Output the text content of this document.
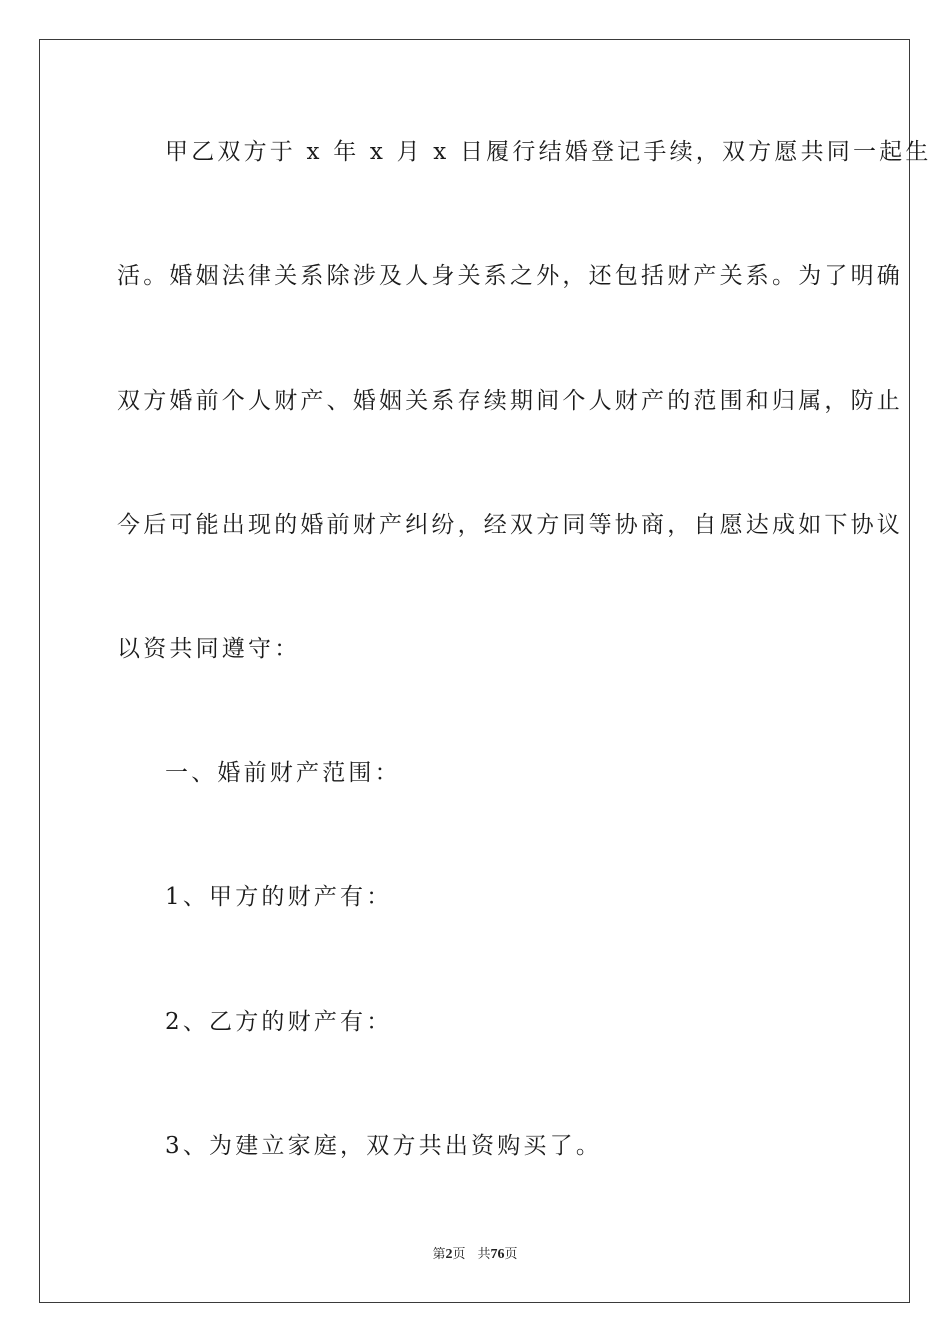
甲乙双方于 x 年 x 月 x 日履行结婚登记手续，双方愿共同一起生
活。婚姻法律关系除涉及人身关系之外，还包括财产关系。为了明确
双方婚前个人财产、婚姻关系存续期间个人财产的范围和归属，防止
今后可能出现的婚前财产纠纷，经双方同等协商，自愿达成如下协议
以资共同遵守：
一、婚前财产范围：
1、甲方的财产有：
2、乙方的财产有：
3、为建立家庭，双方共出资购买了。
第2页 共76页
